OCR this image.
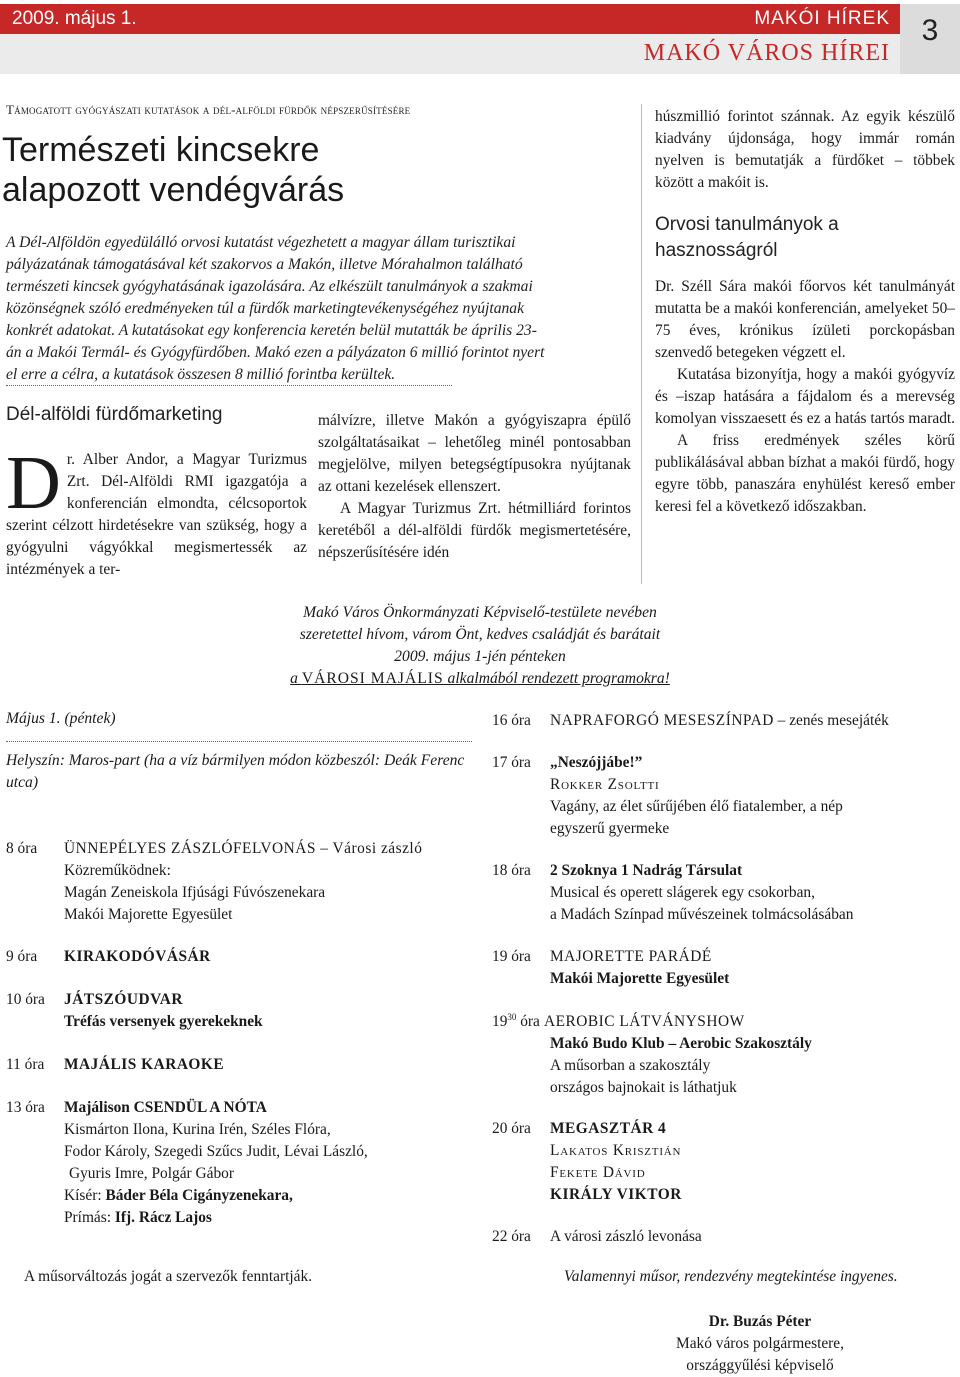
2009. május 1.	MAKÓI HÍREK
MAKÓ VÁROS HÍREI
3
Támogatott gyógyászati kutatások a dél-alföldi fürdők népszerűsítésére
Természeti kincsekre
alapozott vendégvárás
A Dél-Alföldön egyedülálló orvosi kutatást végezhetett a magyar állam turisztikai
pályázatának támogatásával két szakorvos a Makón, illetve Mórahalmon található
természeti kincsek gyógyhatásának igazolására. Az elkészült tanulmányok a szakmai
közönségnek szóló eredményeken túl a fürdők marketingtevékenységéhez nyújtanak
konkrét adatokat. A kutatásokat egy konferencia keretén belül mutatták be április 23-
án a Makói Termál- és Gyógyfürdőben. Makó ezen a pályázaton 6 millió forintot nyert
el erre a célra, a kutatások összesen 8 millió forintba kerültek.
Dél-alföldi fürdőmarketing
D r. Alber Andor, a Magyar Turizmus Zrt. Dél-Alföldi RMI igazgatója a konferencián elmondta, célcsoportok szerint célzott hirdetésekre van szükség, hogy a gyógyulni vágyókkal megismertessék az intézmények a ter-

málvízre, illetve Makón a gyógyiszapra épülő szolgáltatásaikat – lehetőleg minél pontosabban megjelölve, milyen betegségtípusokra nyújtanak az ottani kezelések ellenszert.

A Magyar Turizmus Zrt. hétmilliárd forintos keretéből a dél-alföldi fürdők megismertetésére, népszerűsítésére idén

húszmillió forintot szánnak. Az egyik készülő kiadvány újdonsága, hogy immár román nyelven is bemutatják a fürdőket – többek között a makóit is.
Orvosi tanulmányok a hasznosságról

Dr. Széll Sára makói főorvos két tanulmányát mutatta be a makói konferencián, amelyeket 50–75 éves, krónikus ízületi porckopásban szenvedő betegeken végzett el.

Kutatása bizonyítja, hogy a makói gyógyvíz és –iszap hatására a fájdalom és a merevség komolyan visszaesett és ez a hatás tartós maradt.

A friss eredmények széles körű publikálásával abban bízhat a makói fürdő, hogy egyre több, panaszára enyhülést kereső ember keresi fel a következő időszakban.

Makó Város Önkormányzati Képviselő-testülete nevében
szeretettel hívom, várom Önt, kedves családját és barátait
2009. május 1-jén pénteken
a VÁROSI MAJÁLIS alkalmából rendezett programokra!
Május 1. (péntek)
Helyszín: Maros-part (ha a víz bármilyen módon közbeszól: Deák Ferenc utca)
8 óra	ÜNNEPÉLYES ZÁSZLÓFELVONÁS – Városi zászló
Közreműködnek:
Magán Zeneiskola Ifjúsági Fúvószenekara
Makói Majorette Egyesület
9 óra	KIRAKODÓVÁSÁR
10 óra	JÁTSZÓUDVAR
Tréfás versenyek gyerekeknek
11 óra	MAJÁLIS KARAOKE
13 óra	Majálison CSENDÜL A NÓTA
Kismárton Ilona, Kurina Irén, Széles Flóra,
Fodor Károly, Szegedi Szűcs Judit, Lévai László,
Gyuris Imre, Polgár Gábor
Kísér: Báder Béla Cigányzenekara,
Prímás: Ifj. Rácz Lajos
16 óra	NAPRAFORGÓ MESESZÍNPAD – zenés mesejáték
17 óra	„Neszójjábe!”
Rokker Zsoltti
Vagány, az élet sűrűjében élő fiatalember, a nép
egyszerű gyermeke
18 óra	2 Szoknya 1 Nadrág Társulat
Musical és operett slágerek egy csokorban,
a Madách Színpad művészeinek tolmácsolásában
19 óra	MAJORETTE PARÁDÉ
Makói Majorette Egyesület
$19^{30}$ óra AEROBIC LÁTVÁNYSHOW
Makó Budo Klub – Aerobic Szakosztály
A műsorban a szakosztály
országos bajnokait is láthatjuk
20 óra	MEGASZTÁR 4
Lakatos Krisztián
Fekete Dávid
KIRÁLY VIKTOR
22 óra	A városi zászló levonása
A műsorváltozás jogát a szervezők fenntartják.	Valamennyi műsor, rendezvény megtekintése ingyenes.
Dr. Buzás Péter
Makó város polgármestere,
országgyűlési képviselő
